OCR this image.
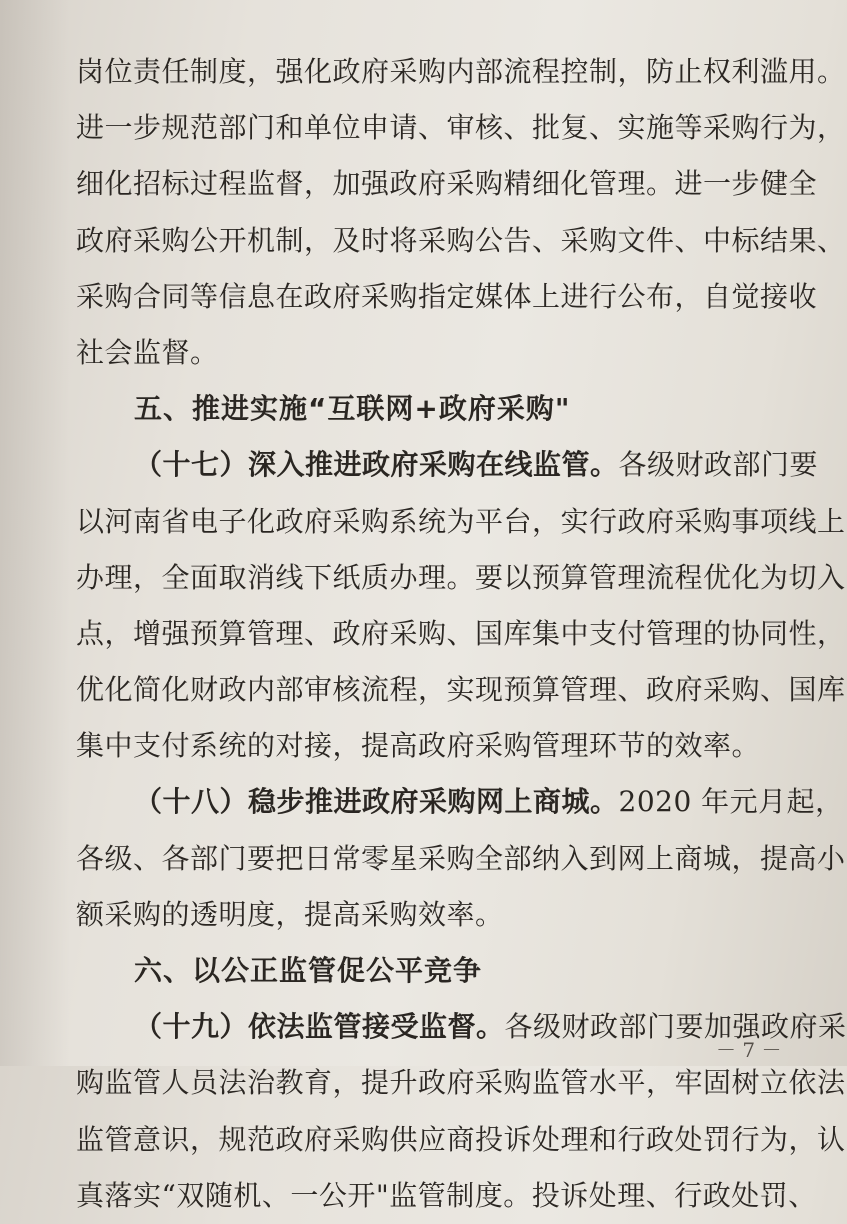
岗位责任制度，强化政府采购内部流程控制，防止权利滥用。
进一步规范部门和单位申请、审核、批复、实施等采购行为，
细化招标过程监督，加强政府采购精细化管理。进一步健全
政府采购公开机制，及时将采购公告、采购文件、中标结果、
采购合同等信息在政府采购指定媒体上进行公布，自觉接收
社会监督。
五、推进实施“互联网+政府采购"
（十七）深入推进政府采购在线监管。各级财政部门要
以河南省电子化政府采购系统为平台，实行政府采购事项线上
办理，全面取消线下纸质办理。要以预算管理流程优化为切入
点，增强预算管理、政府采购、国库集中支付管理的协同性，
优化简化财政内部审核流程，实现预算管理、政府采购、国库
集中支付系统的对接，提高政府采购管理环节的效率。
（十八）稳步推进政府采购网上商城。2020 年元月起，
各级、各部门要把日常零星采购全部纳入到网上商城，提高小
额采购的透明度，提高采购效率。
六、以公正监管促公平竞争
（十九）依法监管接受监督。各级财政部门要加强政府采
购监管人员法治教育，提升政府采购监管水平，牢固树立依法
监管意识，规范政府采购供应商投诉处理和行政处罚行为，认
真落实“双随机、一公开"监管制度。投诉处理、行政处罚、
－ 7 －
